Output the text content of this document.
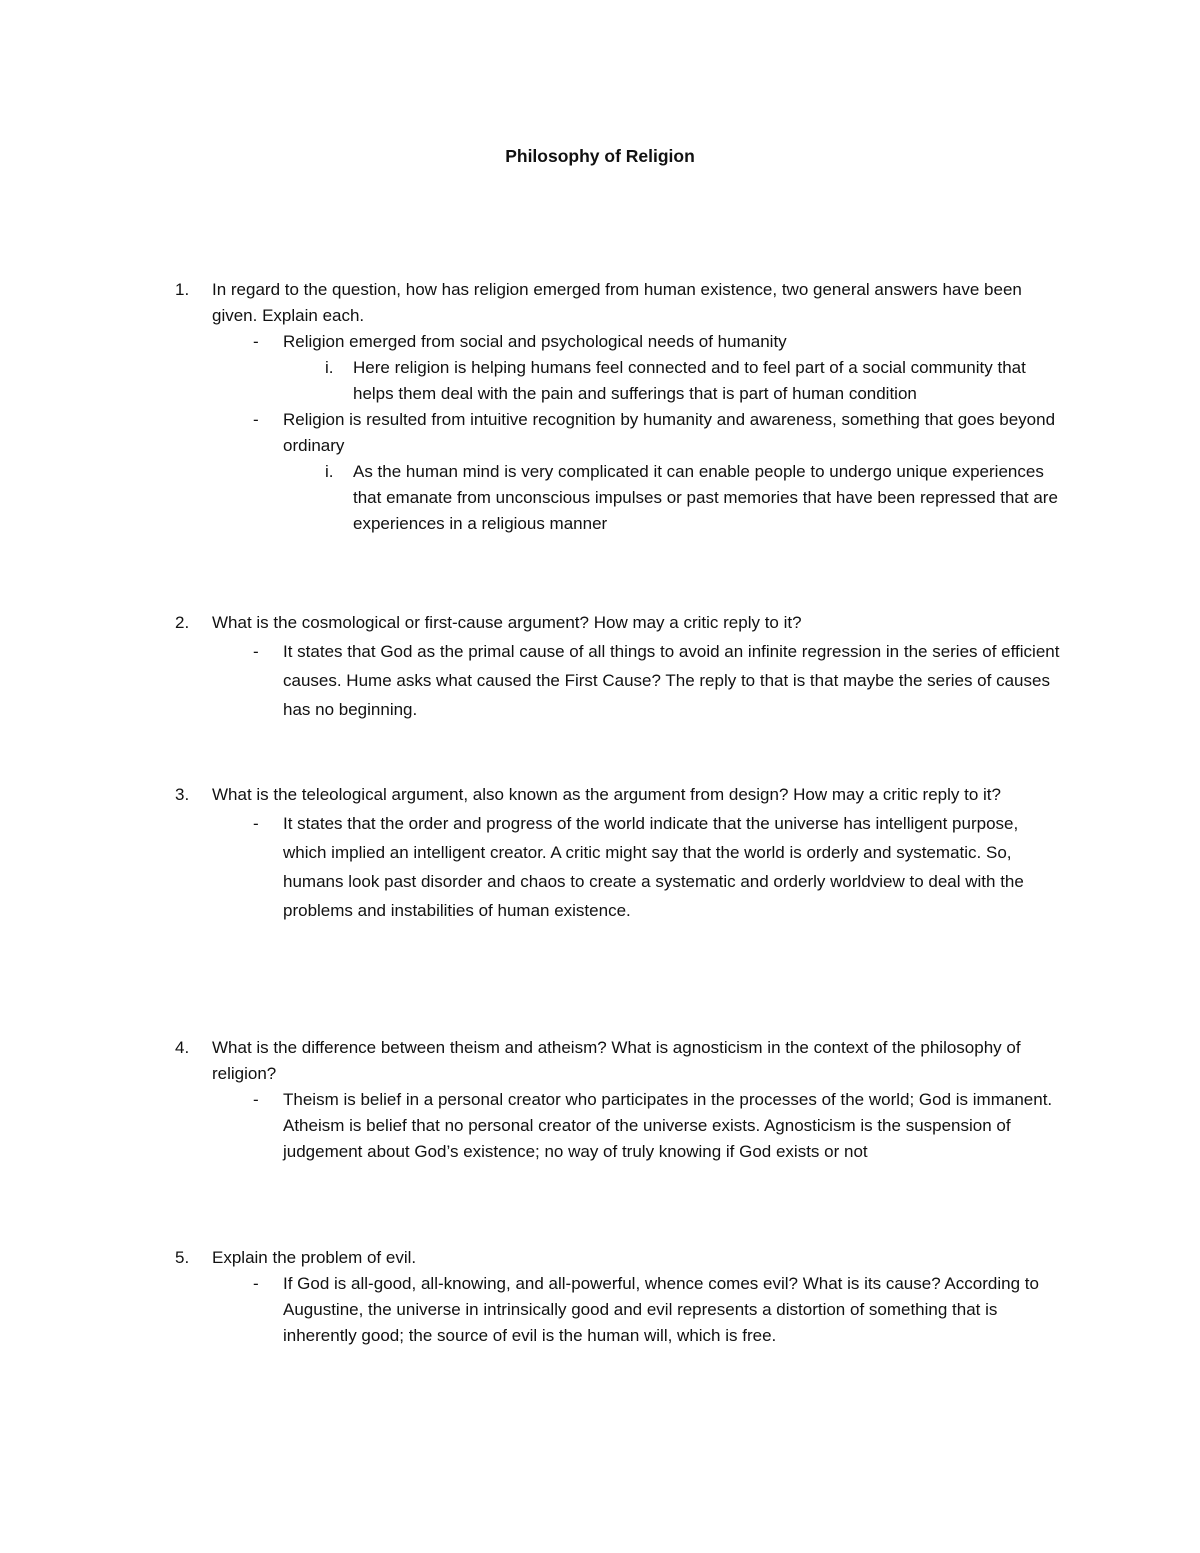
Philosophy of Religion
1. In regard to the question, how has religion emerged from human existence, two general answers have been given. Explain each.
- Religion emerged from social and psychological needs of humanity
i. Here religion is helping humans feel connected and to feel part of a social community that helps them deal with the pain and sufferings that is part of human condition
- Religion is resulted from intuitive recognition by humanity and awareness, something that goes beyond ordinary
i. As the human mind is very complicated it can enable people to undergo unique experiences that emanate from unconscious impulses or past memories that have been repressed that are experiences in a religious manner
2. What is the cosmological or first-cause argument? How may a critic reply to it?
- It states that God as the primal cause of all things to avoid an infinite regression in the series of efficient causes. Hume asks what caused the First Cause? The reply to that is that maybe the series of causes has no beginning.
3. What is the teleological argument, also known as the argument from design? How may a critic reply to it?
- It states that the order and progress of the world indicate that the universe has intelligent purpose, which implied an intelligent creator. A critic might say that the world is orderly and systematic. So, humans look past disorder and chaos to create a systematic and orderly worldview to deal with the problems and instabilities of human existence.
4. What is the difference between theism and atheism? What is agnosticism in the context of the philosophy of religion?
- Theism is belief in a personal creator who participates in the processes of the world; God is immanent. Atheism is belief that no personal creator of the universe exists. Agnosticism is the suspension of judgement about God’s existence; no way of truly knowing if God exists or not
5. Explain the problem of evil.
- If God is all-good, all-knowing, and all-powerful, whence comes evil? What is its cause? According to Augustine, the universe in intrinsically good and evil represents a distortion of something that is inherently good; the source of evil is the human will, which is free.
